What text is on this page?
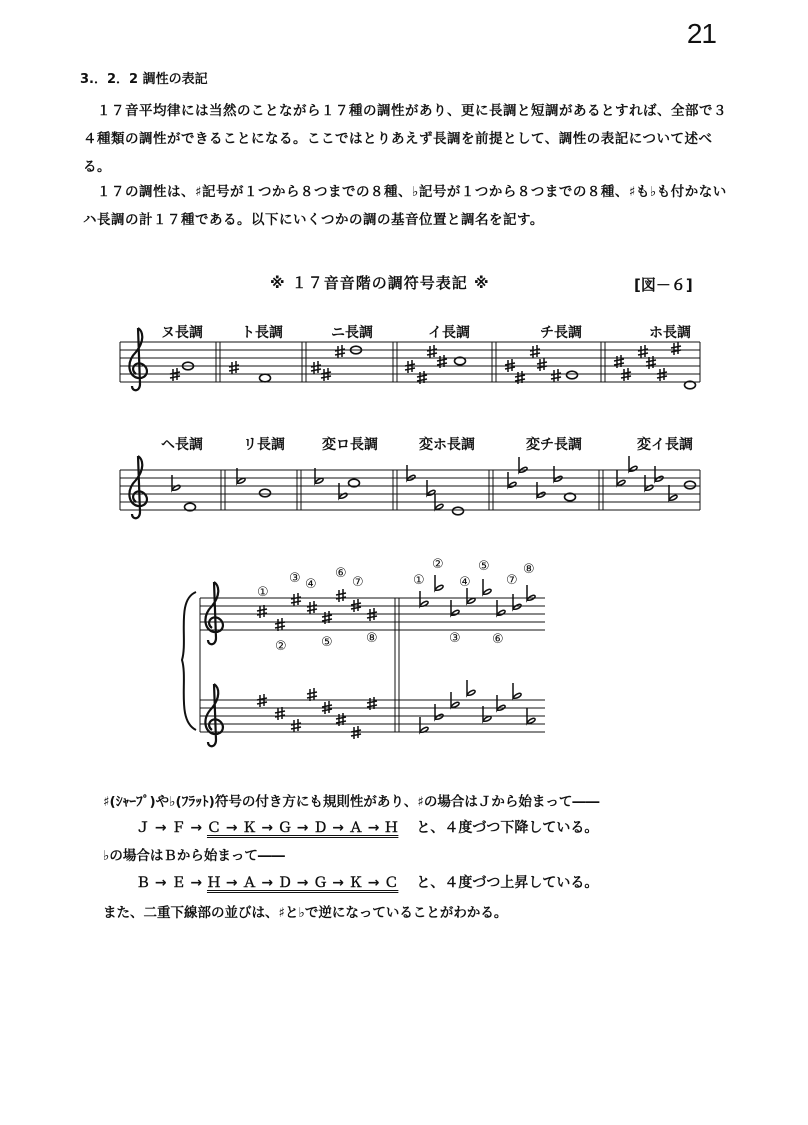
21
3.．2．2 調性の表記
１７音平均律には当然のことながら１７種の調性があり、更に長調と短調があるとすれば、全部で３４種類の調性ができることになる。ここではとりあえず長調を前提として、調性の表記について述べる。
１７の調性は、♯記号が１つから８つまでの８種、♭記号が１つから８つまでの８種、♯も♭も付かないハ長調の計１７種である。以下にいくつかの調の基音位置と調名を記す。
※ １７音音階の調符号表記 ※	[図－６]
ヌ長調	ト長調	ニ長調	イ長調	チ長調	ホ長調
ヘ長調	リ長調	変ロ長調	変ホ長調	変チ長調	変イ長調
①
②
③ ④
⑤
⑥
⑦
⑧
①
②
③
④
⑤
⑥
⑦
⑧
♯(ｼｬｰﾌﾟ)や♭(ﾌﾗｯﾄ)符号の付き方にも規則性があり、♯の場合はＪから始まって――
Ｊ → Ｆ → Ｃ → Ｋ → Ｇ → Ｄ → Ａ → Ｈ と、４度づつ下降している。
♭の場合はＢから始まって――
Ｂ → Ｅ → Ｈ → Ａ → Ｄ → Ｇ → Ｋ → Ｃ と、４度づつ上昇している。
また、二重下線部の並びは、♯と♭で逆になっていることがわかる。
